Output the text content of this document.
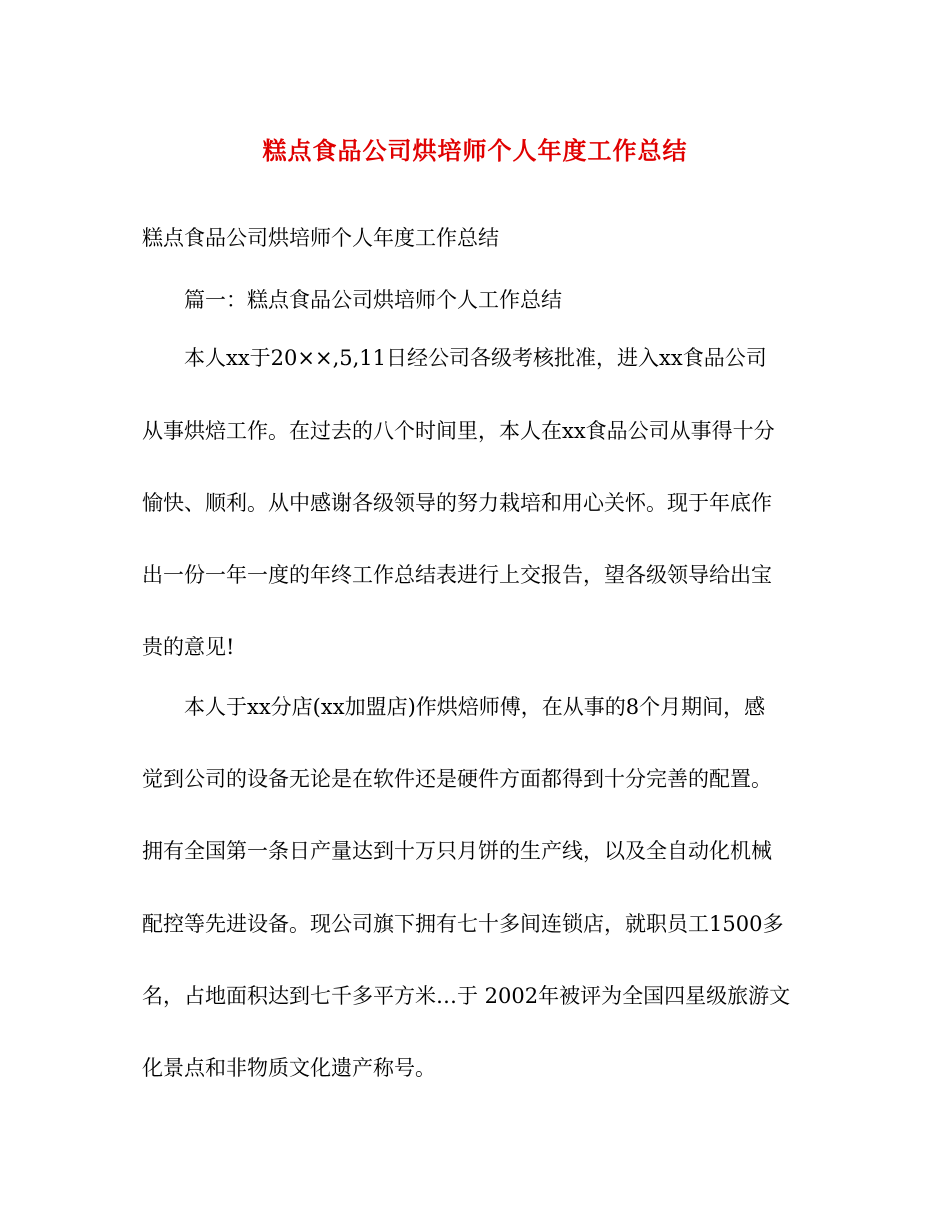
糕点食品公司烘培师个人年度工作总结
糕点食品公司烘培师个人年度工作总结
篇一：糕点食品公司烘培师个人工作总结
本人xx于20××,5,11日经公司各级考核批准，进入xx食品公司
从事烘焙工作。在过去的八个时间里，本人在xx食品公司从事得十分
愉快、顺利。从中感谢各级领导的努力栽培和用心关怀。现于年底作
出一份一年一度的年终工作总结表进行上交报告，望各级领导给出宝
贵的意见!
本人于xx分店(xx加盟店)作烘焙师傅，在从事的8个月期间，感
觉到公司的设备无论是在软件还是硬件方面都得到十分完善的配置。
拥有全国第一条日产量达到十万只月饼的生产线，以及全自动化机械
配控等先进设备。现公司旗下拥有七十多间连锁店，就职员工1500多
名，占地面积达到七千多平方米…于 2002年被评为全国四星级旅游文
化景点和非物质文化遗产称号。
